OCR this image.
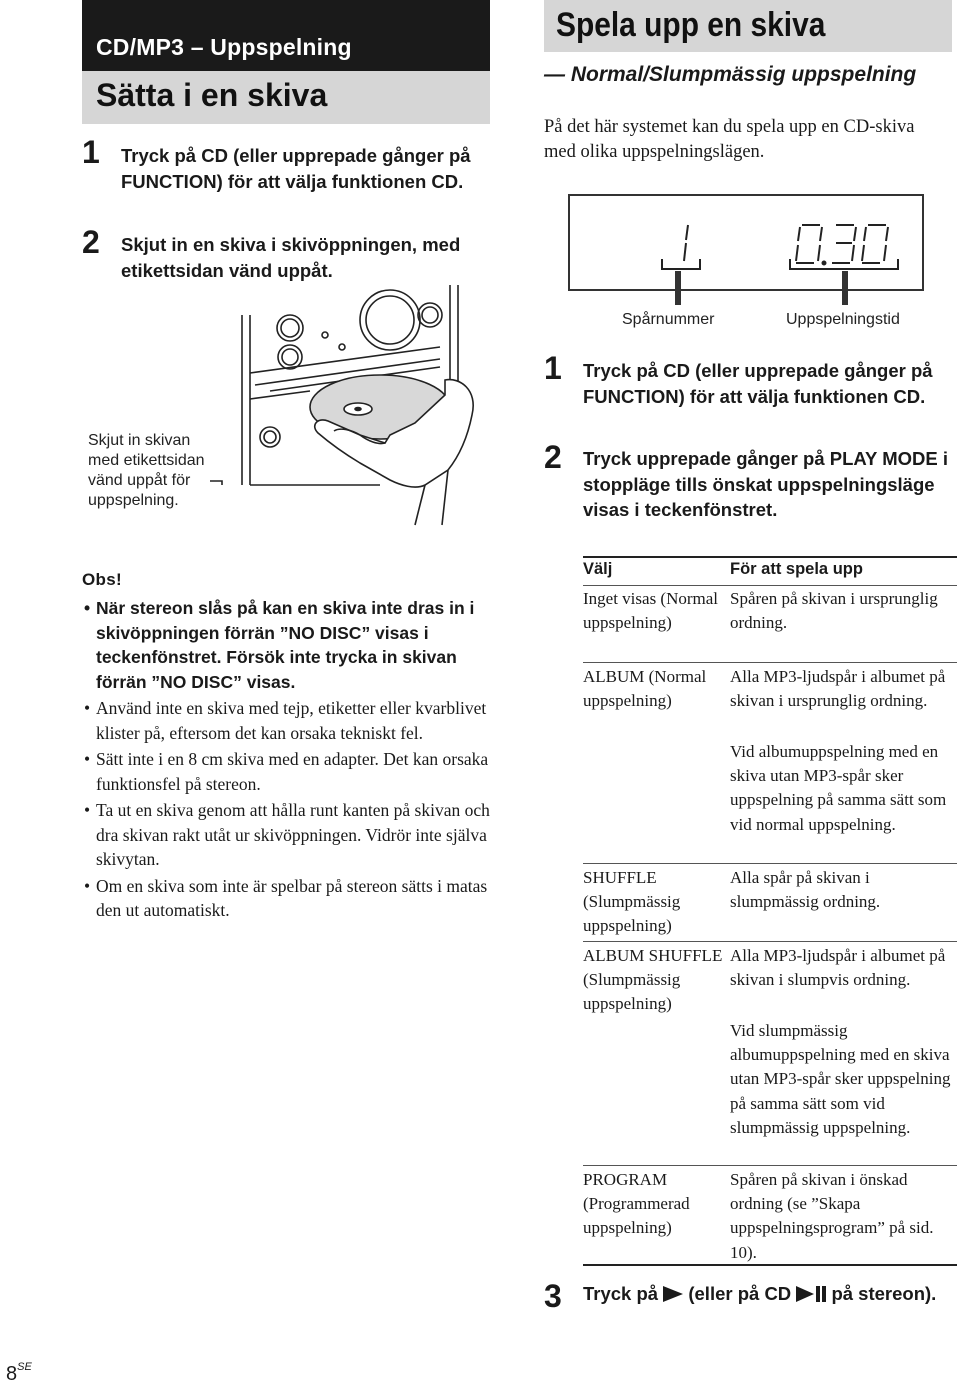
CD/MP3 – Uppspelning
Sätta i en skiva
1 Tryck på CD (eller upprepade gånger på FUNCTION) för att välja funktionen CD.
2 Skjut in en skiva i skivöppningen, med etikettsidan vänd uppåt.
Skjut in skivan med etikettsidan vänd uppåt för uppspelning.
Obs!
• När stereon slås på kan en skiva inte dras in i skivöppningen förrän ”NO DISC” visas i teckenfönstret. Försök inte trycka in skivan förrän ”NO DISC” visas.
• Använd inte en skiva med tejp, etiketter eller kvarblivet klister på, eftersom det kan orsaka tekniskt fel.
• Sätt inte i en 8 cm skiva med en adapter. Det kan orsaka funktionsfel på stereon.
• Ta ut en skiva genom att hålla runt kanten på skivan och dra skivan rakt utåt ur skivöppningen. Vidrör inte själva skivytan.
• Om en skiva som inte är spelbar på stereon sätts i matas den ut automatiskt.
Spela upp en skiva
— Normal/Slumpmässig uppspelning
På det här systemet kan du spela upp en CD-skiva med olika uppspelningslägen.
Spårnummer	Uppspelningstid
1 Tryck på CD (eller upprepade gånger på FUNCTION) för att välja funktionen CD.
2 Tryck upprepade gånger på PLAY MODE i stoppläge tills önskat uppspelningsläge visas i teckenfönstret.
Välj	För att spela upp
Inget visas (Normal uppspelning)
Spåren på skivan i ursprunglig ordning.
ALBUM (Normal uppspelning)
Alla MP3-ljudspår i albumet på skivan i ursprunglig ordning.
Vid albumuppspelning med en skiva utan MP3-spår sker uppspelning på samma sätt som vid normal uppspelning.
SHUFFLE (Slumpmässig uppspelning)
Alla spår på skivan i slumpmässig ordning.
ALBUM SHUFFLE (Slumpmässig uppspelning)
Alla MP3-ljudspår i albumet på skivan i slumpvis ordning.
Vid slumpmässig albumuppspelning med en skiva utan MP3-spår sker uppspelning på samma sätt som vid slumpmässig uppspelning.
PROGRAM (Programmerad uppspelning)
Spåren på skivan i önskad ordning (se ”Skapa uppspelningsprogram” på sid. 10).
3 Tryck på  (eller på CD  på stereon).
$8^{SE}$
